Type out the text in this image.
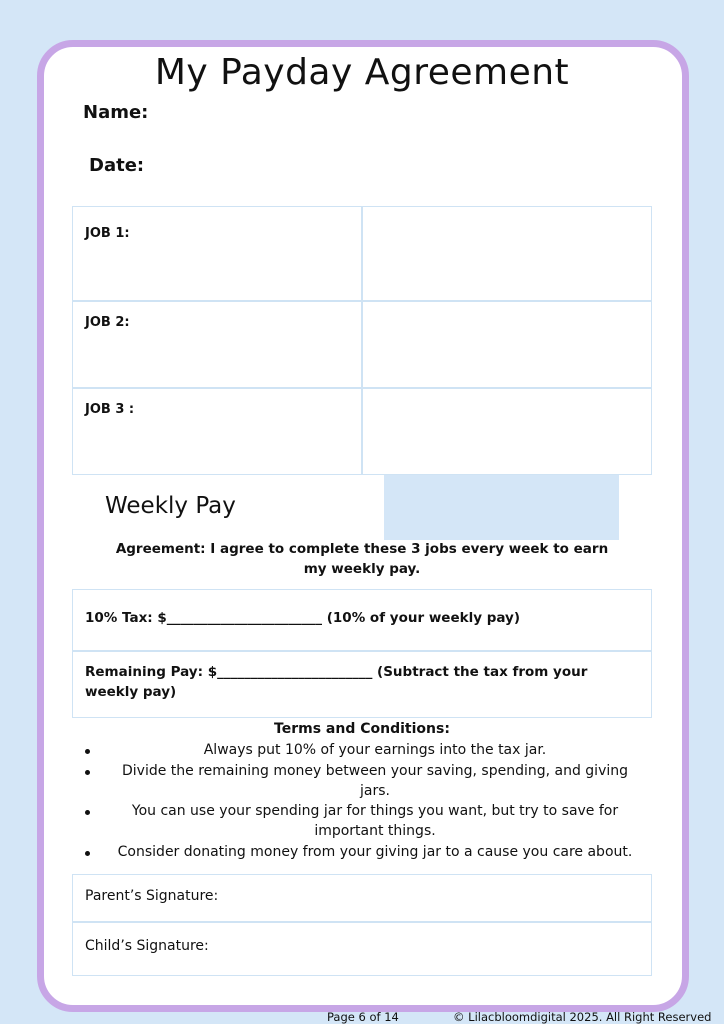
My Payday Agreement
Name:
Date:
JOB 1:
JOB 2:
JOB 3 :
Weekly Pay
Agreement: I agree to complete these 3 jobs every week to earn
my weekly pay.
10% Tax: $_______________________ (10% of your weekly pay)
Remaining Pay: $_______________________ (Subtract the tax from your
weekly pay)
Terms and Conditions:
Always put 10% of your earnings into the tax jar.
Divide the remaining money between your saving, spending, and giving
jars.
You can use your spending jar for things you want, but try to save for
important things.
Consider donating money from your giving jar to a cause you care about.
Parent’s Signature:
Child’s Signature:
Page 6 of 14	© Lilacbloomdigital 2025. All Right Reserved
